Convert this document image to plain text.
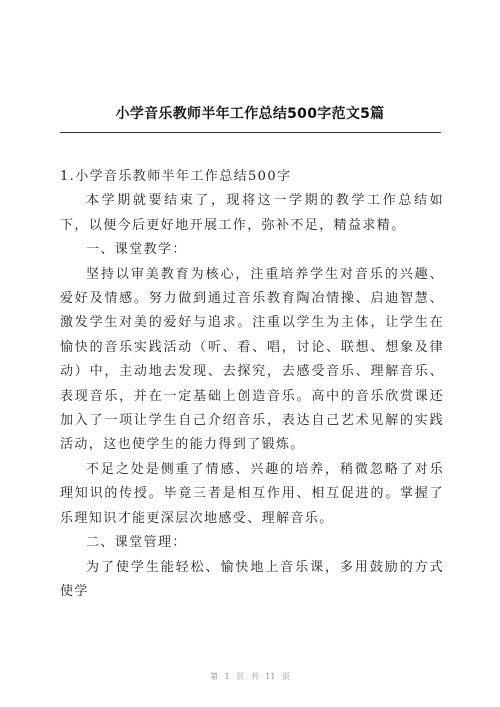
小学音乐教师半年工作总结500字范文5篇

1.小学音乐教师半年工作总结500字

本学期就要结束了，现将这一学期的教学工作总结如下，以便今后更好地开展工作，弥补不足，精益求精。

一、课堂教学：

坚持以审美教育为核心，注重培养学生对音乐的兴趣、爱好及情感。努力做到通过音乐教育陶冶情操、启迪智慧、激发学生对美的爱好与追求。注重以学生为主体，让学生在愉快的音乐实践活动（听、看、唱，讨论、联想、想象及律动）中，主动地去发现、去探究，去感受音乐、理解音乐、表现音乐，并在一定基础上创造音乐。高中的音乐欣赏课还加入了一项让学生自己介绍音乐，表达自己艺术见解的实践活动，这也使学生的能力得到了锻炼。

不足之处是侧重了情感、兴趣的培养，稍微忽略了对乐理知识的传授。毕竟三者是相互作用、相互促进的。掌握了乐理知识才能更深层次地感受、理解音乐。

二、课堂管理：

为了使学生能轻松、愉快地上音乐课，多用鼓励的方式使学

第 1 页 共 11 页
